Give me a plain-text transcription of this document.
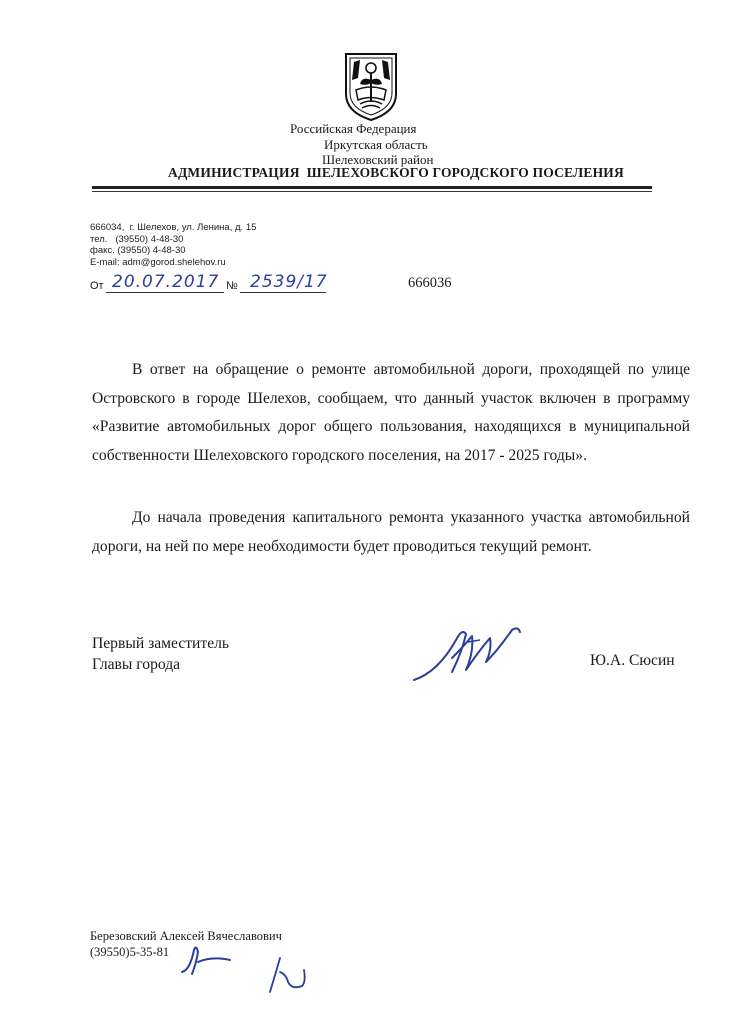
Российская Федерация
Иркутская область
Шелеховский район
АДМИНИСТРАЦИЯ  ШЕЛЕХОВСКОГО ГОРОДСКОГО ПОСЕЛЕНИЯ
666034,  г. Шелехов, ул. Ленина, д. 15
тел.   (39550) 4-48-30
факс. (39550) 4-48-30
E-mail: adm@gorod.shelehov.ru
От 20.07.2017 № 2539/17	666036

В ответ на обращение о ремонте автомобильной дороги, проходящей по улице Островского в городе Шелехов, сообщаем, что данный участок включен в программу «Развитие автомобильных дорог общего пользования, находящихся в муниципальной собственности Шелеховского городского поселения, на 2017 - 2025 годы».

До начала проведения капитального ремонта указанного участка автомобильной дороги, на ней по мере необходимости будет проводиться текущий ремонт.

Первый заместитель
Главы города	Ю.А. Сюсин
Березовский Алексей Вячеславович
(39550)5-35-81
